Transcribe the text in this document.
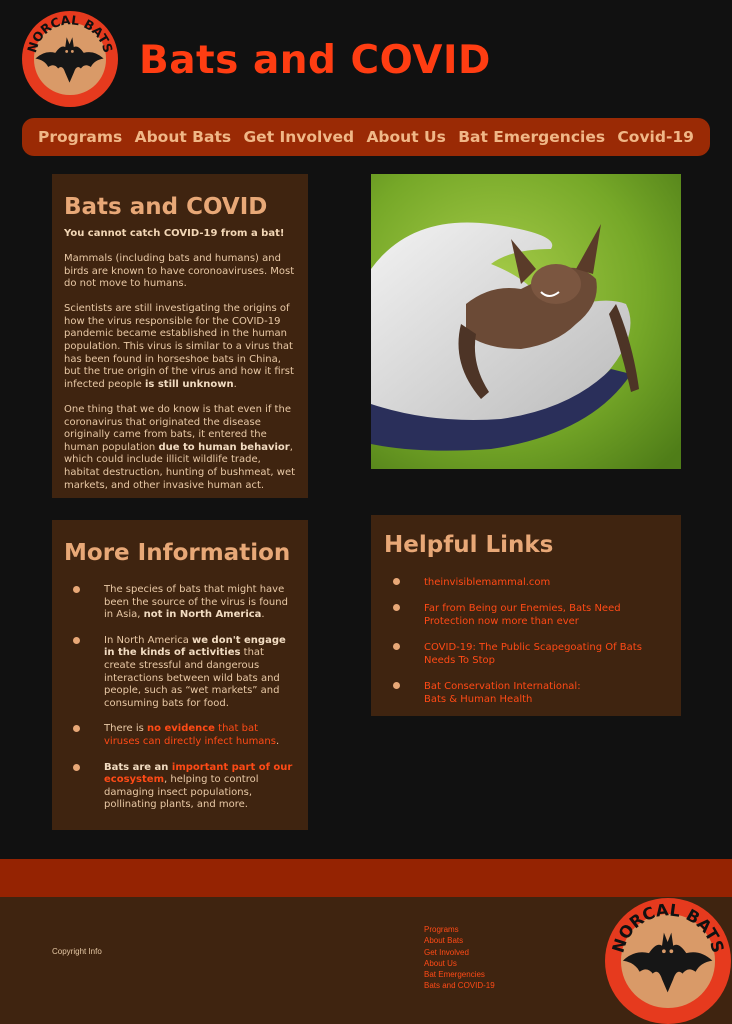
NORCAL BATS Bats and COVID
Programs About Bats Get Involved About Us Bat Emergencies Covid-19
Bats and COVID
You cannot catch COVID-19 from a bat!

Mammals (including bats and humans) and birds are known to have coronoaviruses. Most do not move to humans.

Scientists are still investigating the origins of how the virus responsible for the COVID-19 pandemic became established in the human population. This virus is similar to a virus that has been found in horseshoe bats in China, but the true origin of the virus and how it first infected people is still unknown.

One thing that we do know is that even if the coronavirus that originated the disease originally came from bats, it entered the human population due to human behavior, which could include illicit wildlife trade, habitat destruction, hunting of bushmeat, wet markets, and other invasive human act.

More Information
The species of bats that might have been the source of the virus is found in Asia, not in North America.
In North America we don't engage in the kinds of activities that create stressful and dangerous interactions between wild bats and people, such as “wet markets” and consuming bats for food.
There is no evidence that bat viruses can directly infect humans.
Bats are an important part of our ecosystem, helping to control damaging insect populations, pollinating plants, and more.
Helpful Links
theinvisiblemammal.com
Far from Being our Enemies, Bats Need Protection now more than ever
COVID-19: The Public Scapegoating Of Bats Needs To Stop
Bat Conservation International:
Bats & Human Health
Copyright Info
Programs
About Bats
Get Involved
About Us
Bat Emergencies
Bats and COVID-19
NORCAL BATS
